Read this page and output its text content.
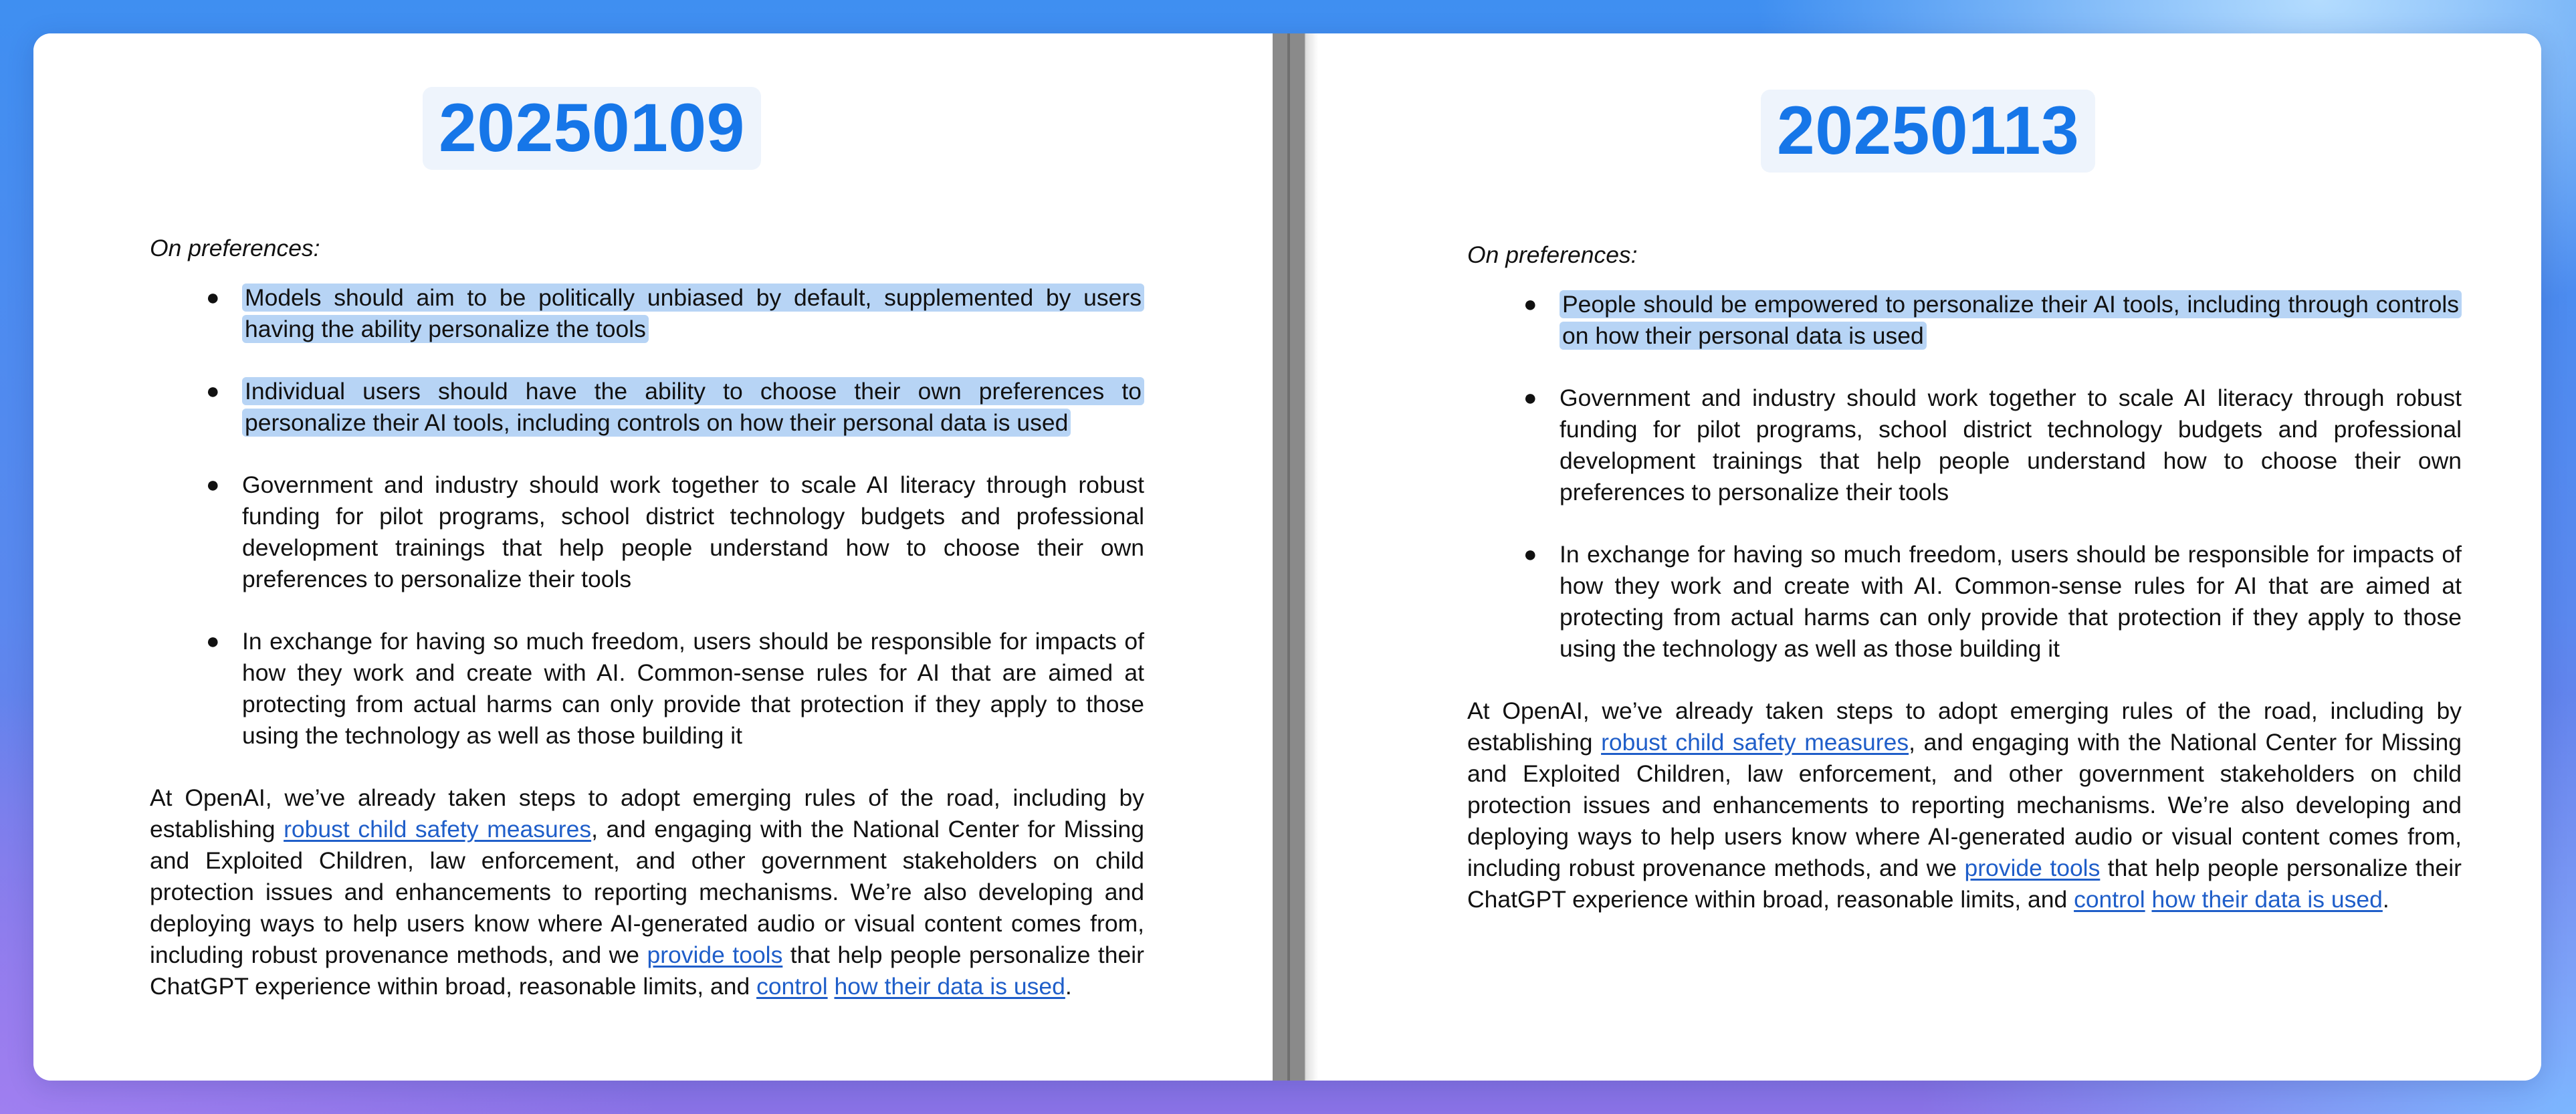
20250109

On preferences:

● Models should aim to be politically unbiased by default, supplemented by users having the ability personalize the tools
● Individual users should have the ability to choose their own preferences to personalize their AI tools, including controls on how their personal data is used
● Government and industry should work together to scale AI literacy through robust funding for pilot programs, school district technology budgets and professional development trainings that help people understand how to choose their own preferences to personalize their tools
● In exchange for having so much freedom, users should be responsible for impacts of how they work and create with AI. Common-sense rules for AI that are aimed at protecting from actual harms can only provide that protection if they apply to those using the technology as well as those building it

At OpenAI, we’ve already taken steps to adopt emerging rules of the road, including by establishing robust child safety measures, and engaging with the National Center for Missing and Exploited Children, law enforcement, and other government stakeholders on child protection issues and enhancements to reporting mechanisms. We’re also developing and deploying ways to help users know where AI-generated audio or visual content comes from, including robust provenance methods, and we provide tools that help people personalize their ChatGPT experience within broad, reasonable limits, and control how their data is used.

20250113

On preferences:

● People should be empowered to personalize their AI tools, including through controls on how their personal data is used
● Government and industry should work together to scale AI literacy through robust funding for pilot programs, school district technology budgets and professional development trainings that help people understand how to choose their own preferences to personalize their tools
● In exchange for having so much freedom, users should be responsible for impacts of how they work and create with AI. Common-sense rules for AI that are aimed at protecting from actual harms can only provide that protection if they apply to those using the technology as well as those building it

At OpenAI, we’ve already taken steps to adopt emerging rules of the road, including by establishing robust child safety measures, and engaging with the National Center for Missing and Exploited Children, law enforcement, and other government stakeholders on child protection issues and enhancements to reporting mechanisms. We’re also developing and deploying ways to help users know where AI-generated audio or visual content comes from, including robust provenance methods, and we provide tools that help people personalize their ChatGPT experience within broad, reasonable limits, and control how their data is used.
